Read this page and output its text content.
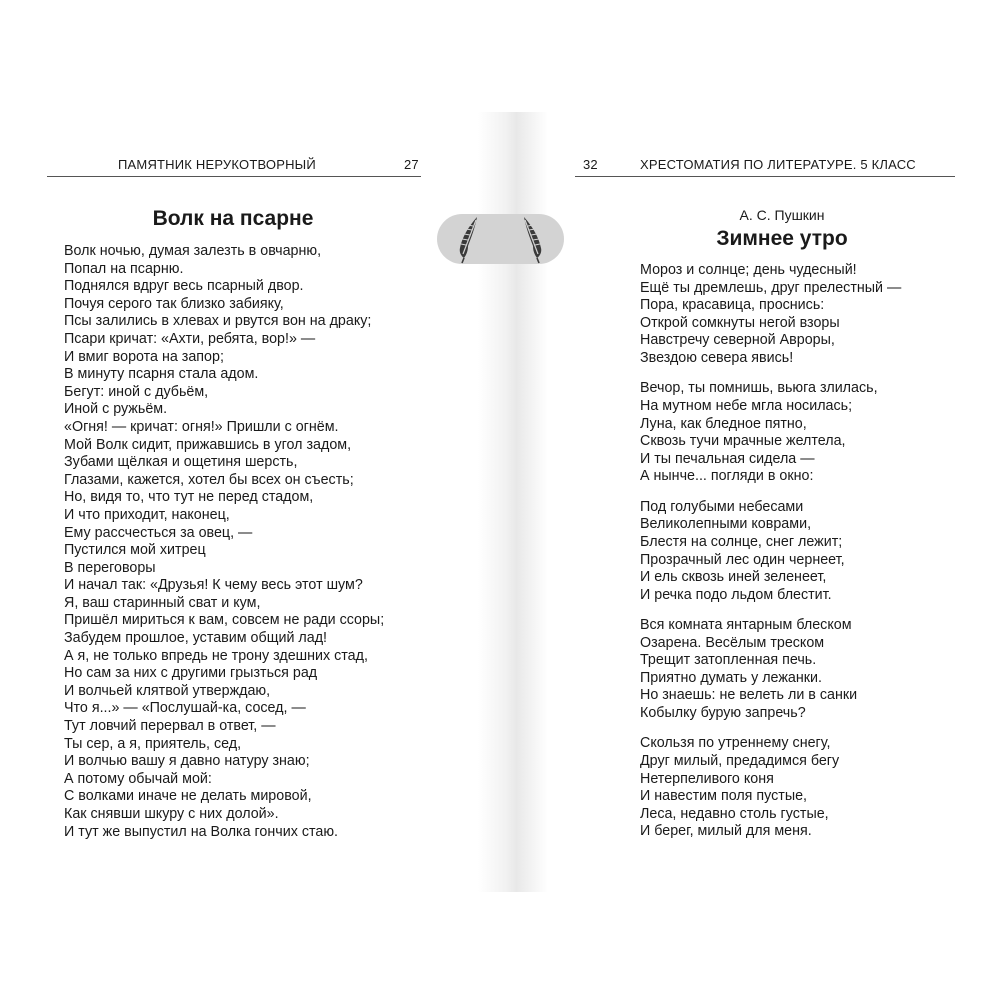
ПАМЯТНИК НЕРУКОТВОРНЫЙ	27
Волк на псарне
Волк ночью, думая залезть в овчарню,
Попал на псарню.
Поднялся вдруг весь псарный двор.
Почуя серого так близко забияку,
Псы залились в хлевах и рвутся вон на драку;
Псари кричат: «Ахти, ребята, вор!» —
И вмиг ворота на запор;
В минуту псарня стала адом.
Бегут: иной с дубьём,
Иной с ружьём.
«Огня! — кричат: огня!» Пришли с огнём.
Мой Волк сидит, прижавшись в угол задом,
Зубами щёлкая и ощетиня шерсть,
Глазами, кажется, хотел бы всех он съесть;
Но, видя то, что тут не перед стадом,
И что приходит, наконец,
Ему рассчесться за овец, —
Пустился мой хитрец
В переговоры
И начал так: «Друзья! К чему весь этот шум?
Я, ваш старинный сват и кум,
Пришёл мириться к вам, совсем не ради ссоры;
Забудем прошлое, уставим общий лад!
А я, не только впредь не трону здешних стад,
Но сам за них с другими грызться рад
И волчьей клятвой утверждаю,
Что я...» — «Послушай-ка, сосед, —
Тут ловчий перервал в ответ, —
Ты сер, а я, приятель, сед,
И волчью вашу я давно натуру знаю;
А потому обычай мой:
С волками иначе не делать мировой,
Как снявши шкуру с них долой».
И тут же выпустил на Волка гончих стаю.
32	ХРЕСТОМАТИЯ ПО ЛИТЕРАТУРЕ. 5 КЛАСС
А. С. Пушкин
Зимнее утро
Мороз и солнце; день чудесный!
Ещё ты дремлешь, друг прелестный —
Пора, красавица, проснись:
Открой сомкнуты негой взоры
Навстречу северной Авроры,
Звездою севера явись!
Вечор, ты помнишь, вьюга злилась,
На мутном небе мгла носилась;
Луна, как бледное пятно,
Сквозь тучи мрачные желтела,
И ты печальная сидела —
А нынче... погляди в окно:
Под голубыми небесами
Великолепными коврами,
Блестя на солнце, снег лежит;
Прозрачный лес один чернеет,
И ель сквозь иней зеленеет,
И речка подо льдом блестит.
Вся комната янтарным блеском
Озарена. Весёлым треском
Трещит затопленная печь.
Приятно думать у лежанки.
Но знаешь: не велеть ли в санки
Кобылку бурую запречь?
Скользя по утреннему снегу,
Друг милый, предадимся бегу
Нетерпеливого коня
И навестим поля пустые,
Леса, недавно столь густые,
И берег, милый для меня.
